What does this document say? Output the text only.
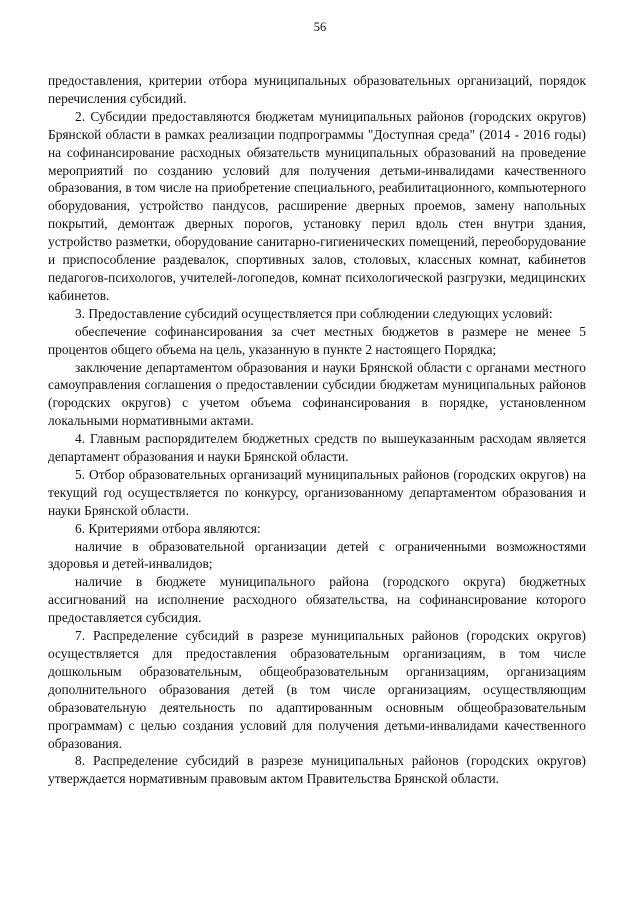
56

предоставления, критерии отбора муниципальных образовательных организаций, порядок перечисления субсидий.

2. Субсидии предоставляются бюджетам муниципальных районов (городских округов) Брянской области в рамках реализации подпрограммы "Доступная среда" (2014 - 2016 годы) на софинансирование расходных обязательств муниципальных образований на проведение мероприятий по созданию условий для получения детьми-инвалидами качественного образования, в том числе на приобретение специального, реабилитационного, компьютерного оборудования, устройство пандусов, расширение дверных проемов, замену напольных покрытий, демонтаж дверных порогов, установку перил вдоль стен внутри здания, устройство разметки, оборудование санитарно-гигиенических помещений, переоборудование и приспособление раздевалок, спортивных залов, столовых, классных комнат, кабинетов педагогов-психологов, учителей-логопедов, комнат психологической разгрузки, медицинских кабинетов.

3. Предоставление субсидий осуществляется при соблюдении следующих условий:

обеспечение софинансирования за счет местных бюджетов в размере не менее 5 процентов общего объема на цель, указанную в пункте 2 настоящего Порядка;

заключение департаментом образования и науки Брянской области с органами местного самоуправления соглашения о предоставлении субсидии бюджетам муниципальных районов (городских округов) с учетом объема софинансирования в порядке, установленном локальными нормативными актами.

4. Главным распорядителем бюджетных средств по вышеуказанным расходам является департамент образования и науки Брянской области.

5. Отбор образовательных организаций муниципальных районов (городских округов) на текущий год осуществляется по конкурсу, организованному департаментом образования и науки Брянской области.

6. Критериями отбора являются:

наличие в образовательной организации детей с ограниченными возможностями здоровья и детей-инвалидов;

наличие в бюджете муниципального района (городского округа) бюджетных ассигнований на исполнение расходного обязательства, на софинансирование которого предоставляется субсидия.

7. Распределение субсидий в разрезе муниципальных районов (городских округов) осуществляется для предоставления образовательным организациям, в том числе дошкольным образовательным, общеобразовательным организациям, организациям дополнительного образования детей (в том числе организациям, осуществляющим образовательную деятельность по адаптированным основным общеобразовательным программам) с целью создания условий для получения детьми-инвалидами качественного образования.

8. Распределение субсидий в разрезе муниципальных районов (городских округов) утверждается нормативным правовым актом Правительства Брянской области.
